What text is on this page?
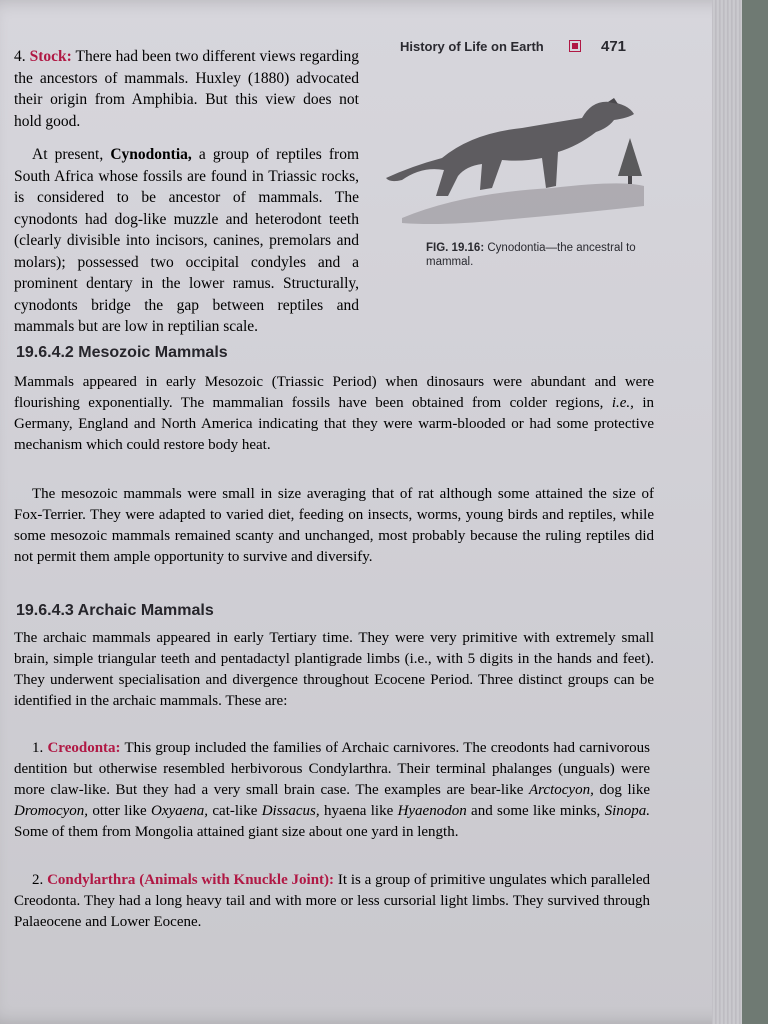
History of Life on Earth	471
FIG. 19.16: Cynodontia—the ancestral to mammal.

4. Stock: There had been two different views regarding the ancestors of mammals. Huxley (1880) advocated their origin from Amphibia. But this view does not hold good.

At present, Cynodontia, a group of reptiles from South Africa whose fossils are found in Triassic rocks, is considered to be ancestor of mammals. The cynodonts had dog-like muzzle and heterodont teeth (clearly divisible into incisors, canines, premolars and molars); possessed two occipital condyles and a prominent dentary in the lower ramus. Structurally, cynodonts bridge the gap between reptiles and mammals but are low in reptilian scale.

19.6.4.2 Mesozoic Mammals

Mammals appeared in early Mesozoic (Triassic Period) when dinosaurs were abundant and were flourishing exponentially. The mammalian fossils have been obtained from colder regions, i.e., in Germany, England and North America indicating that they were warm-blooded or had some protective mechanism which could restore body heat.

The mesozoic mammals were small in size averaging that of rat although some attained the size of Fox-Terrier. They were adapted to varied diet, feeding on insects, worms, young birds and reptiles, while some mesozoic mammals remained scanty and unchanged, most probably because the ruling reptiles did not permit them ample opportunity to survive and diversify.

19.6.4.3 Archaic Mammals

The archaic mammals appeared in early Tertiary time. They were very primitive with extremely small brain, simple triangular teeth and pentadactyl plantigrade limbs (i.e., with 5 digits in the hands and feet). They underwent specialisation and divergence throughout Ecocene Period. Three distinct groups can be identified in the archaic mammals. These are:

1. Creodonta: This group included the families of Archaic carnivores. The creodonts had carnivorous dentition but otherwise resembled herbivorous Condylarthra. Their terminal phalanges (unguals) were more claw-like. But they had a very small brain case. The examples are bear-like Arctocyon, dog like Dromocyon, otter like Oxyaena, cat-like Dissacus, hyaena like Hyaenodon and some like minks, Sinopa. Some of them from Mongolia attained giant size about one yard in length.

2. Condylarthra (Animals with Knuckle Joint): It is a group of primitive ungulates which paralleled Creodonta. They had a long heavy tail and with more or less cursorial light limbs. They survived through Palaeocene and Lower Eocene.
